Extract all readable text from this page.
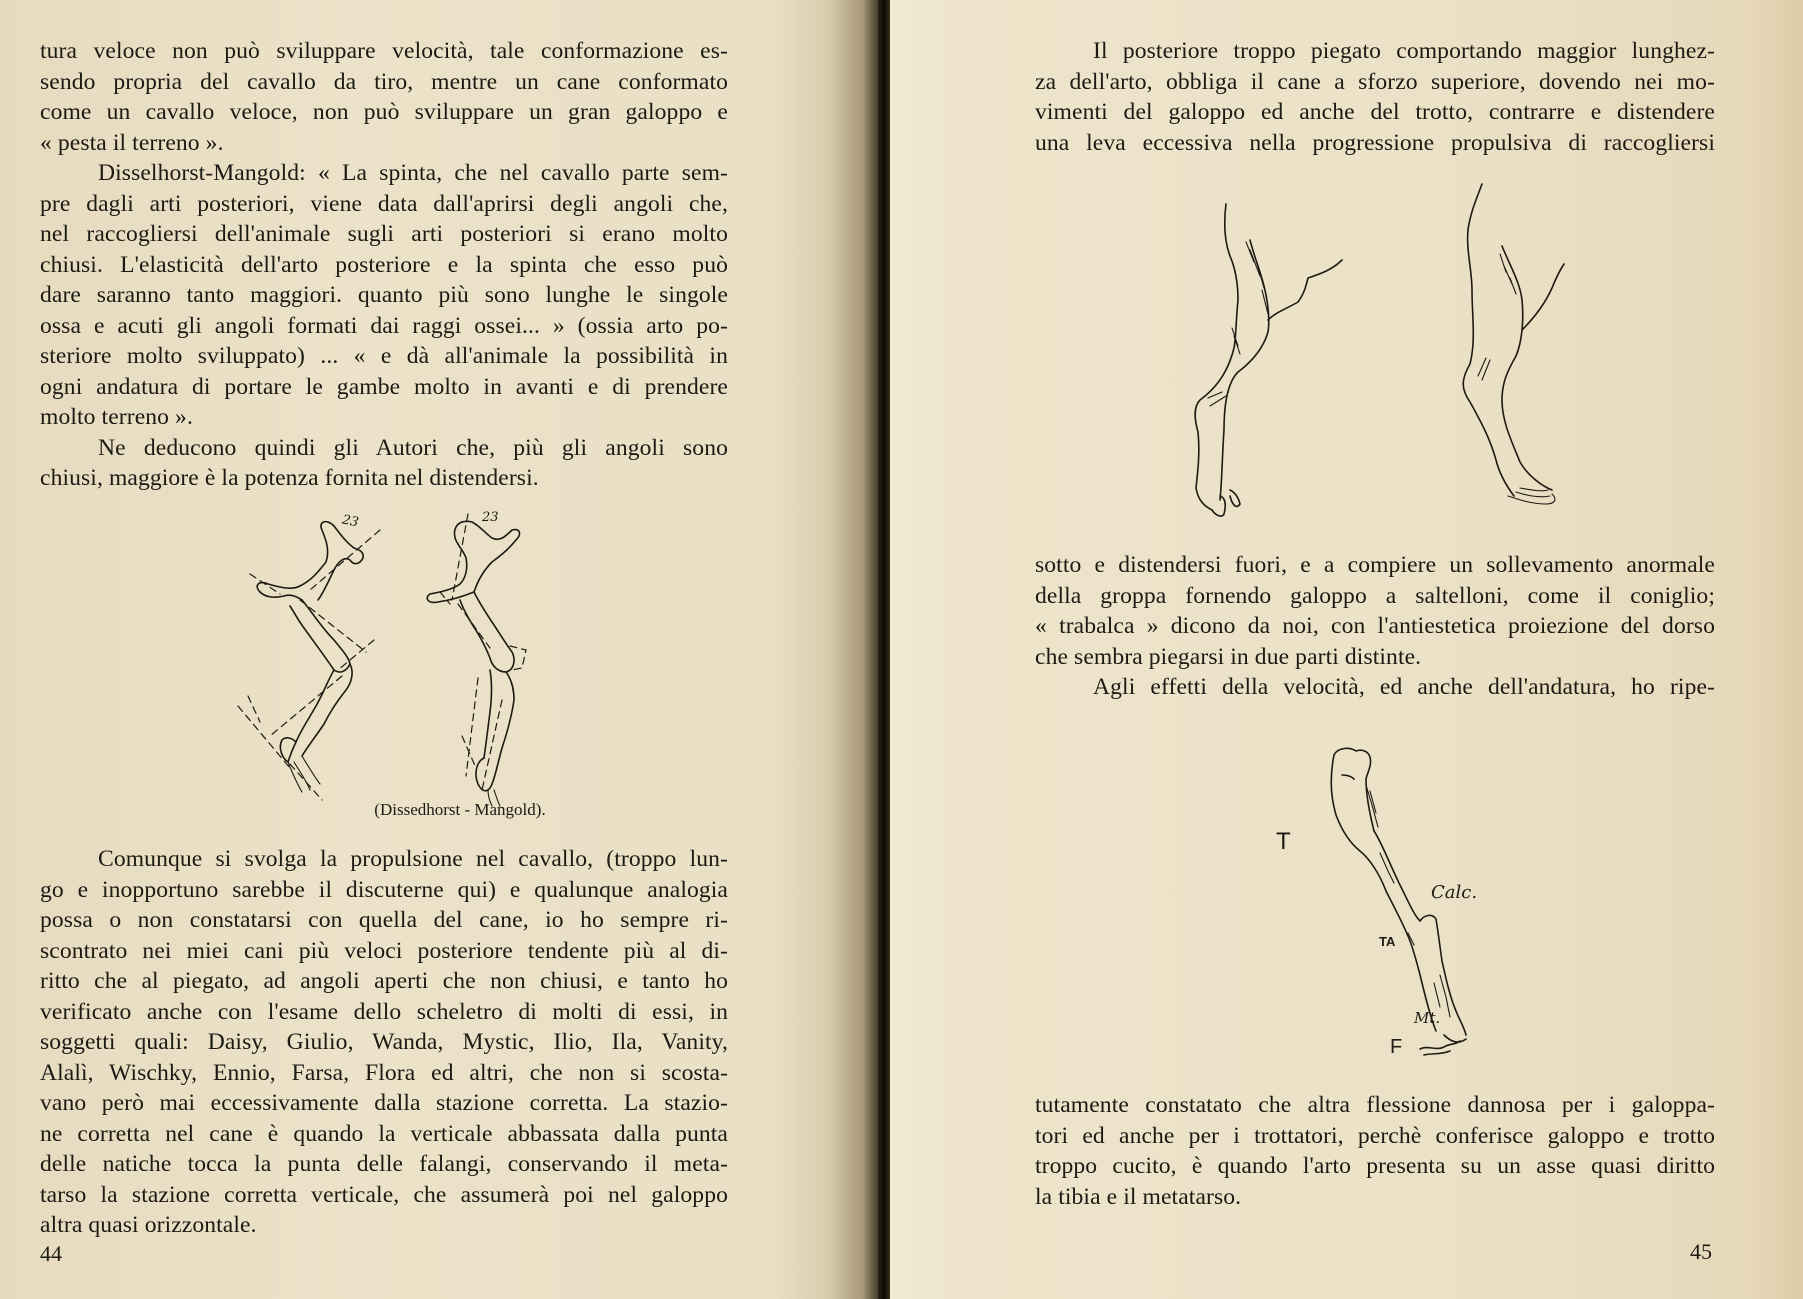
tura veloce non può sviluppare velocità, tale conformazione es-
sendo propria del cavallo da tiro, mentre un cane conformato
come un cavallo veloce, non può sviluppare un gran galoppo e
« pesta il terreno ».
Disselhorst-Mangold: « La spinta, che nel cavallo parte sem-
pre dagli arti posteriori, viene data dall'aprirsi degli angoli che,
nel raccogliersi dell'animale sugli arti posteriori si erano molto
chiusi. L'elasticità dell'arto posteriore e la spinta che esso può
dare saranno tanto maggiori. quanto più sono lunghe le singole
ossa e acuti gli angoli formati dai raggi ossei... » (ossia arto po-
steriore molto sviluppato) ... « e dà all'animale la possibilità in
ogni andatura di portare le gambe molto in avanti e di prendere
molto terreno ».
Ne deducono quindi gli Autori che, più gli angoli sono
chiusi, maggiore è la potenza fornita nel distendersi.
23	23
(Dissedhorst - Mangold).
Comunque si svolga la propulsione nel cavallo, (troppo lun-
go e inopportuno sarebbe il discuterne qui) e qualunque analogia
possa o non constatarsi con quella del cane, io ho sempre ri-
scontrato nei miei cani più veloci posteriore tendente più al di-
ritto che al piegato, ad angoli aperti che non chiusi, e tanto ho
verificato anche con l'esame dello scheletro di molti di essi, in
soggetti quali: Daisy, Giulio, Wanda, Mystic, Ilio, Ila, Vanity,
Alalì, Wischky, Ennio, Farsa, Flora ed altri, che non si scosta-
vano però mai eccessivamente dalla stazione corretta. La stazio-
ne corretta nel cane è quando la verticale abbassata dalla punta
delle natiche tocca la punta delle falangi, conservando il meta-
tarso la stazione corretta verticale, che assumerà poi nel galoppo
altra quasi orizzontale.
44
Il posteriore troppo piegato comportando maggior lunghez-
za dell'arto, obbliga il cane a sforzo superiore, dovendo nei mo-
vimenti del galoppo ed anche del trotto, contrarre e distendere
una leva eccessiva nella progressione propulsiva di raccogliersi
sotto e distendersi fuori, e a compiere un sollevamento anormale
della groppa fornendo galoppo a saltelloni, come il coniglio;
« trabalca » dicono da noi, con l'antiestetica proiezione del dorso
che sembra piegarsi in due parti distinte.
Agli effetti della velocità, ed anche dell'andatura, ho ripe-
T
Calc.
TA
Mt.
F
tutamente constatato che altra flessione dannosa per i galoppa-
tori ed anche per i trottatori, perchè conferisce galoppo e trotto
troppo cucito, è quando l'arto presenta su un asse quasi diritto
la tibia e il metatarso.
45
